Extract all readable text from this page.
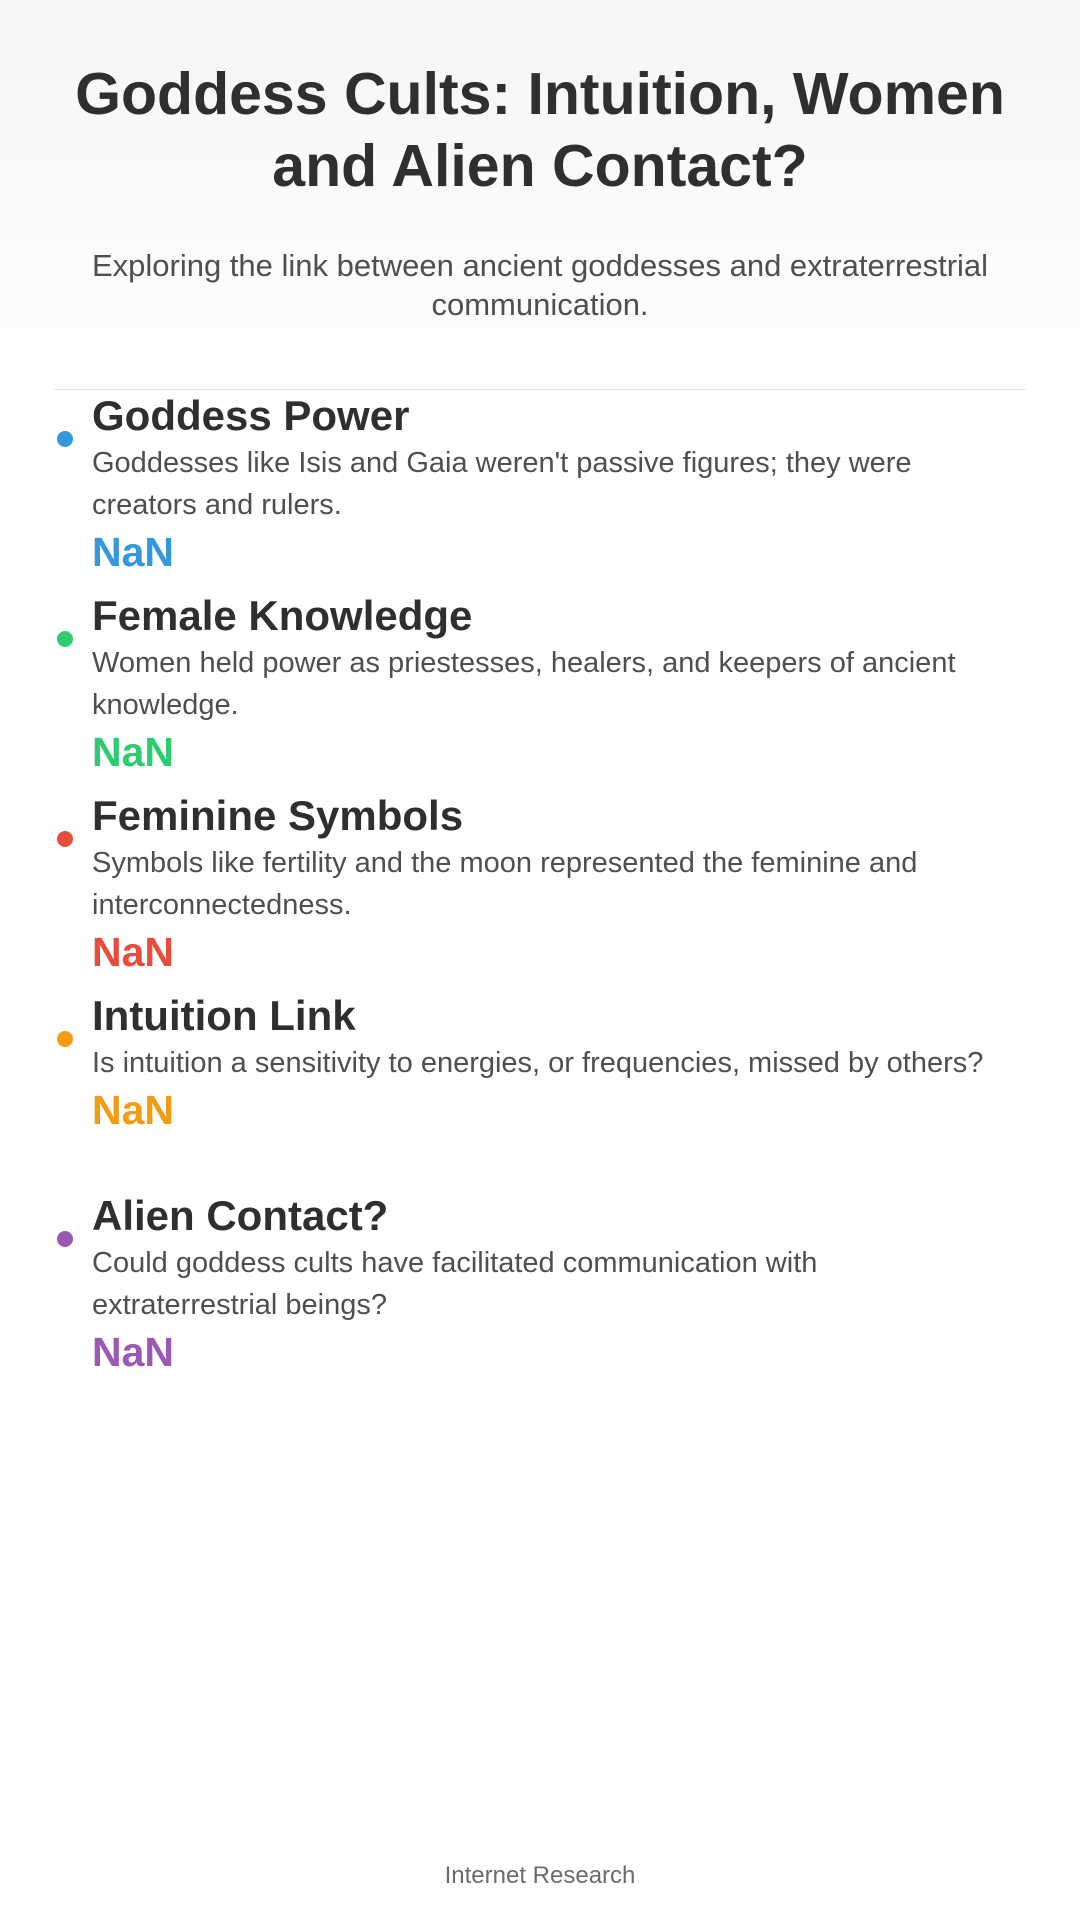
Goddess Cults: Intuition, Women and Alien Contact?

Exploring the link between ancient goddesses and extraterrestrial communication.

Goddess Power

Goddesses like Isis and Gaia weren't passive figures; they were creators and rulers.

NaN

Female Knowledge

Women held power as priestesses, healers, and keepers of ancient knowledge.

NaN

Feminine Symbols

Symbols like fertility and the moon represented the feminine and interconnectedness.

NaN

Intuition Link

Is intuition a sensitivity to energies, or frequencies, missed by others?

NaN

Alien Contact?

Could goddess cults have facilitated communication with extraterrestrial beings?

NaN

Internet Research
